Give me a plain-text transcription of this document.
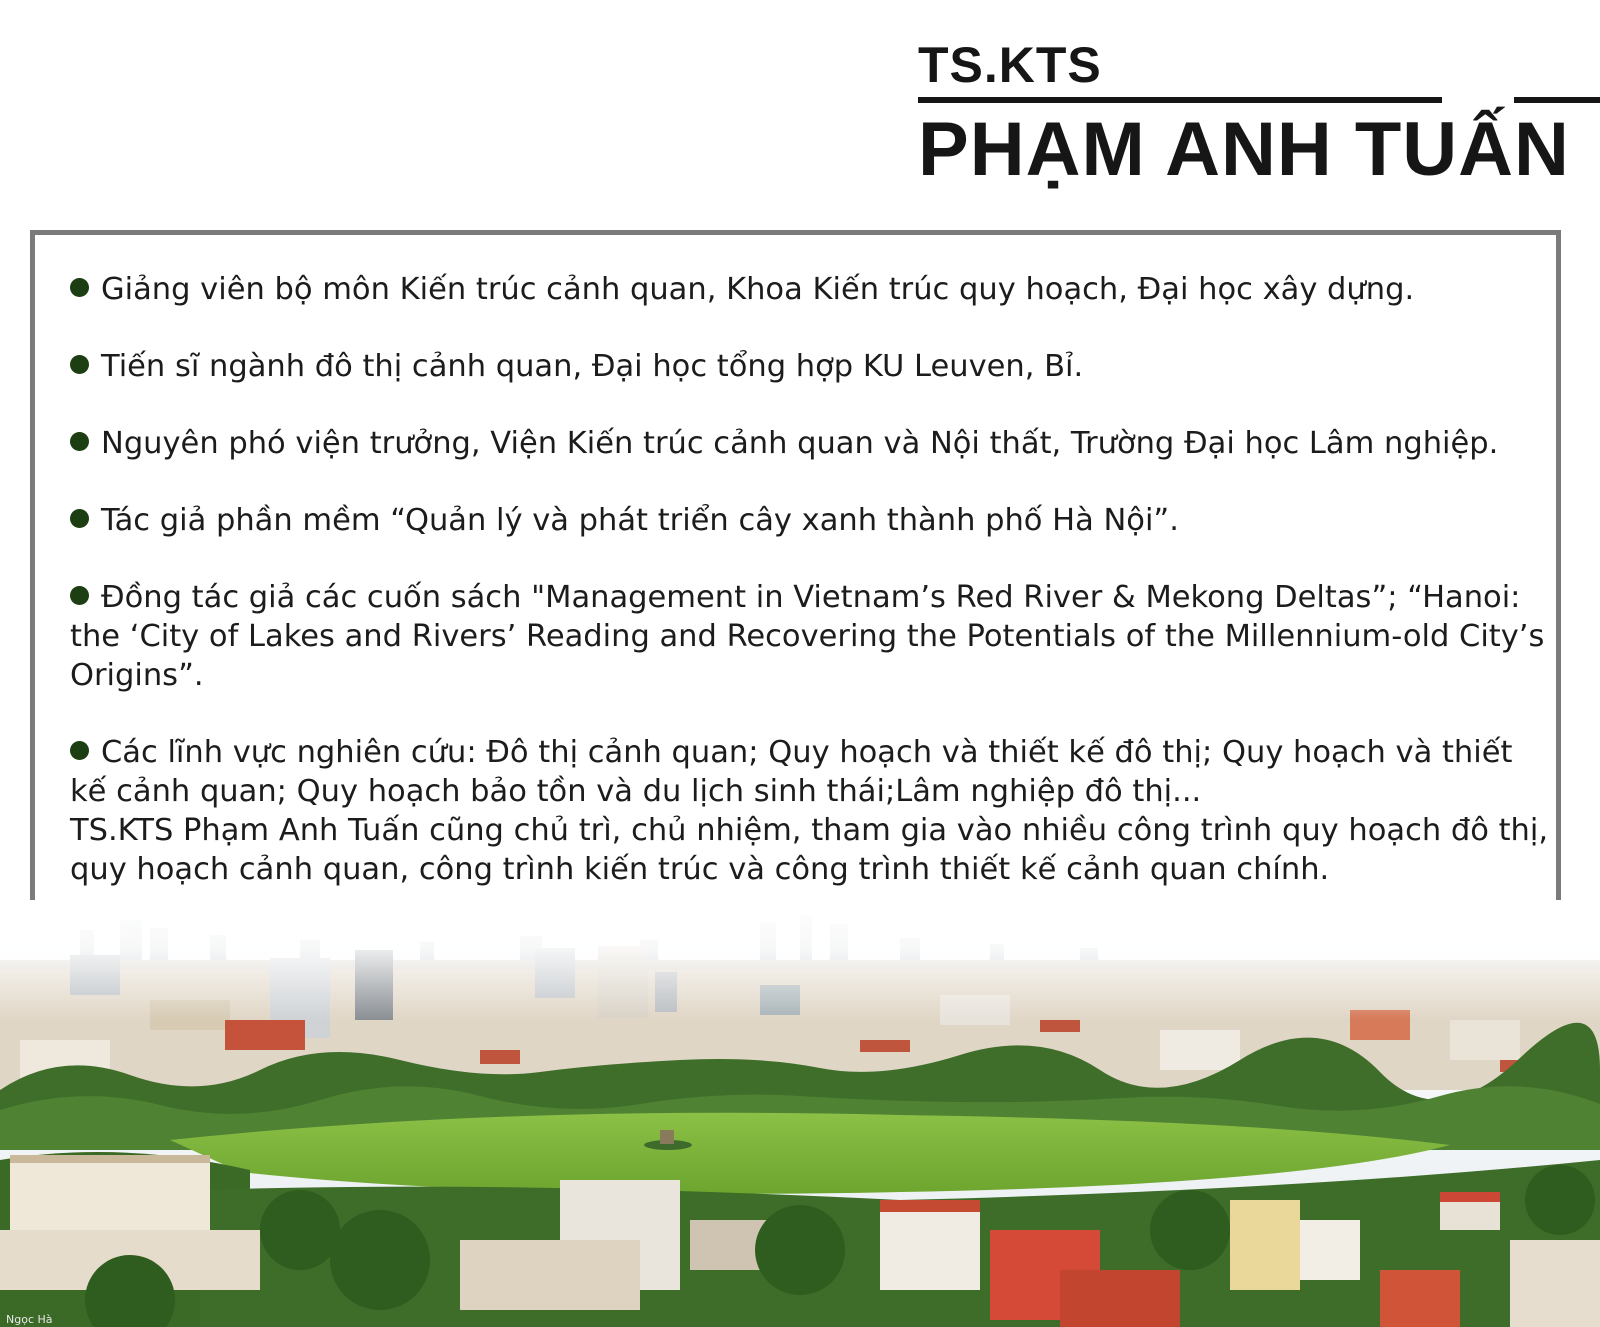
TS.KTS
PHẠM ANH TUẤN

Giảng viên bộ môn Kiến trúc cảnh quan, Khoa Kiến trúc quy hoạch, Đại học xây dựng.

Tiến sĩ ngành đô thị cảnh quan, Đại học tổng hợp KU Leuven, Bỉ.

Nguyên phó viện trưởng, Viện Kiến trúc cảnh quan và Nội thất, Trường Đại học Lâm nghiệp.

Tác giả phần mềm “Quản lý và phát triển cây xanh thành phố Hà Nội”.

Đồng tác giả các cuốn sách "Management in Vietnam’s Red River & Mekong Deltas”; “Hanoi: the ‘City of Lakes and Rivers’ Reading and Recovering the Potentials of the Millennium-old City’s Origins”.

Các lĩnh vực nghiên cứu: Đô thị cảnh quan; Quy hoạch và thiết kế đô thị; Quy hoạch và thiết kế cảnh quan; Quy hoạch bảo tồn và du lịch sinh thái;Lâm nghiệp đô thị...

TS.KTS Phạm Anh Tuấn cũng chủ trì, chủ nhiệm, tham gia vào nhiều công trình quy hoạch đô thị, quy hoạch cảnh quan, công trình kiến trúc và công trình thiết kế cảnh quan chính.

Ngọc Hà
